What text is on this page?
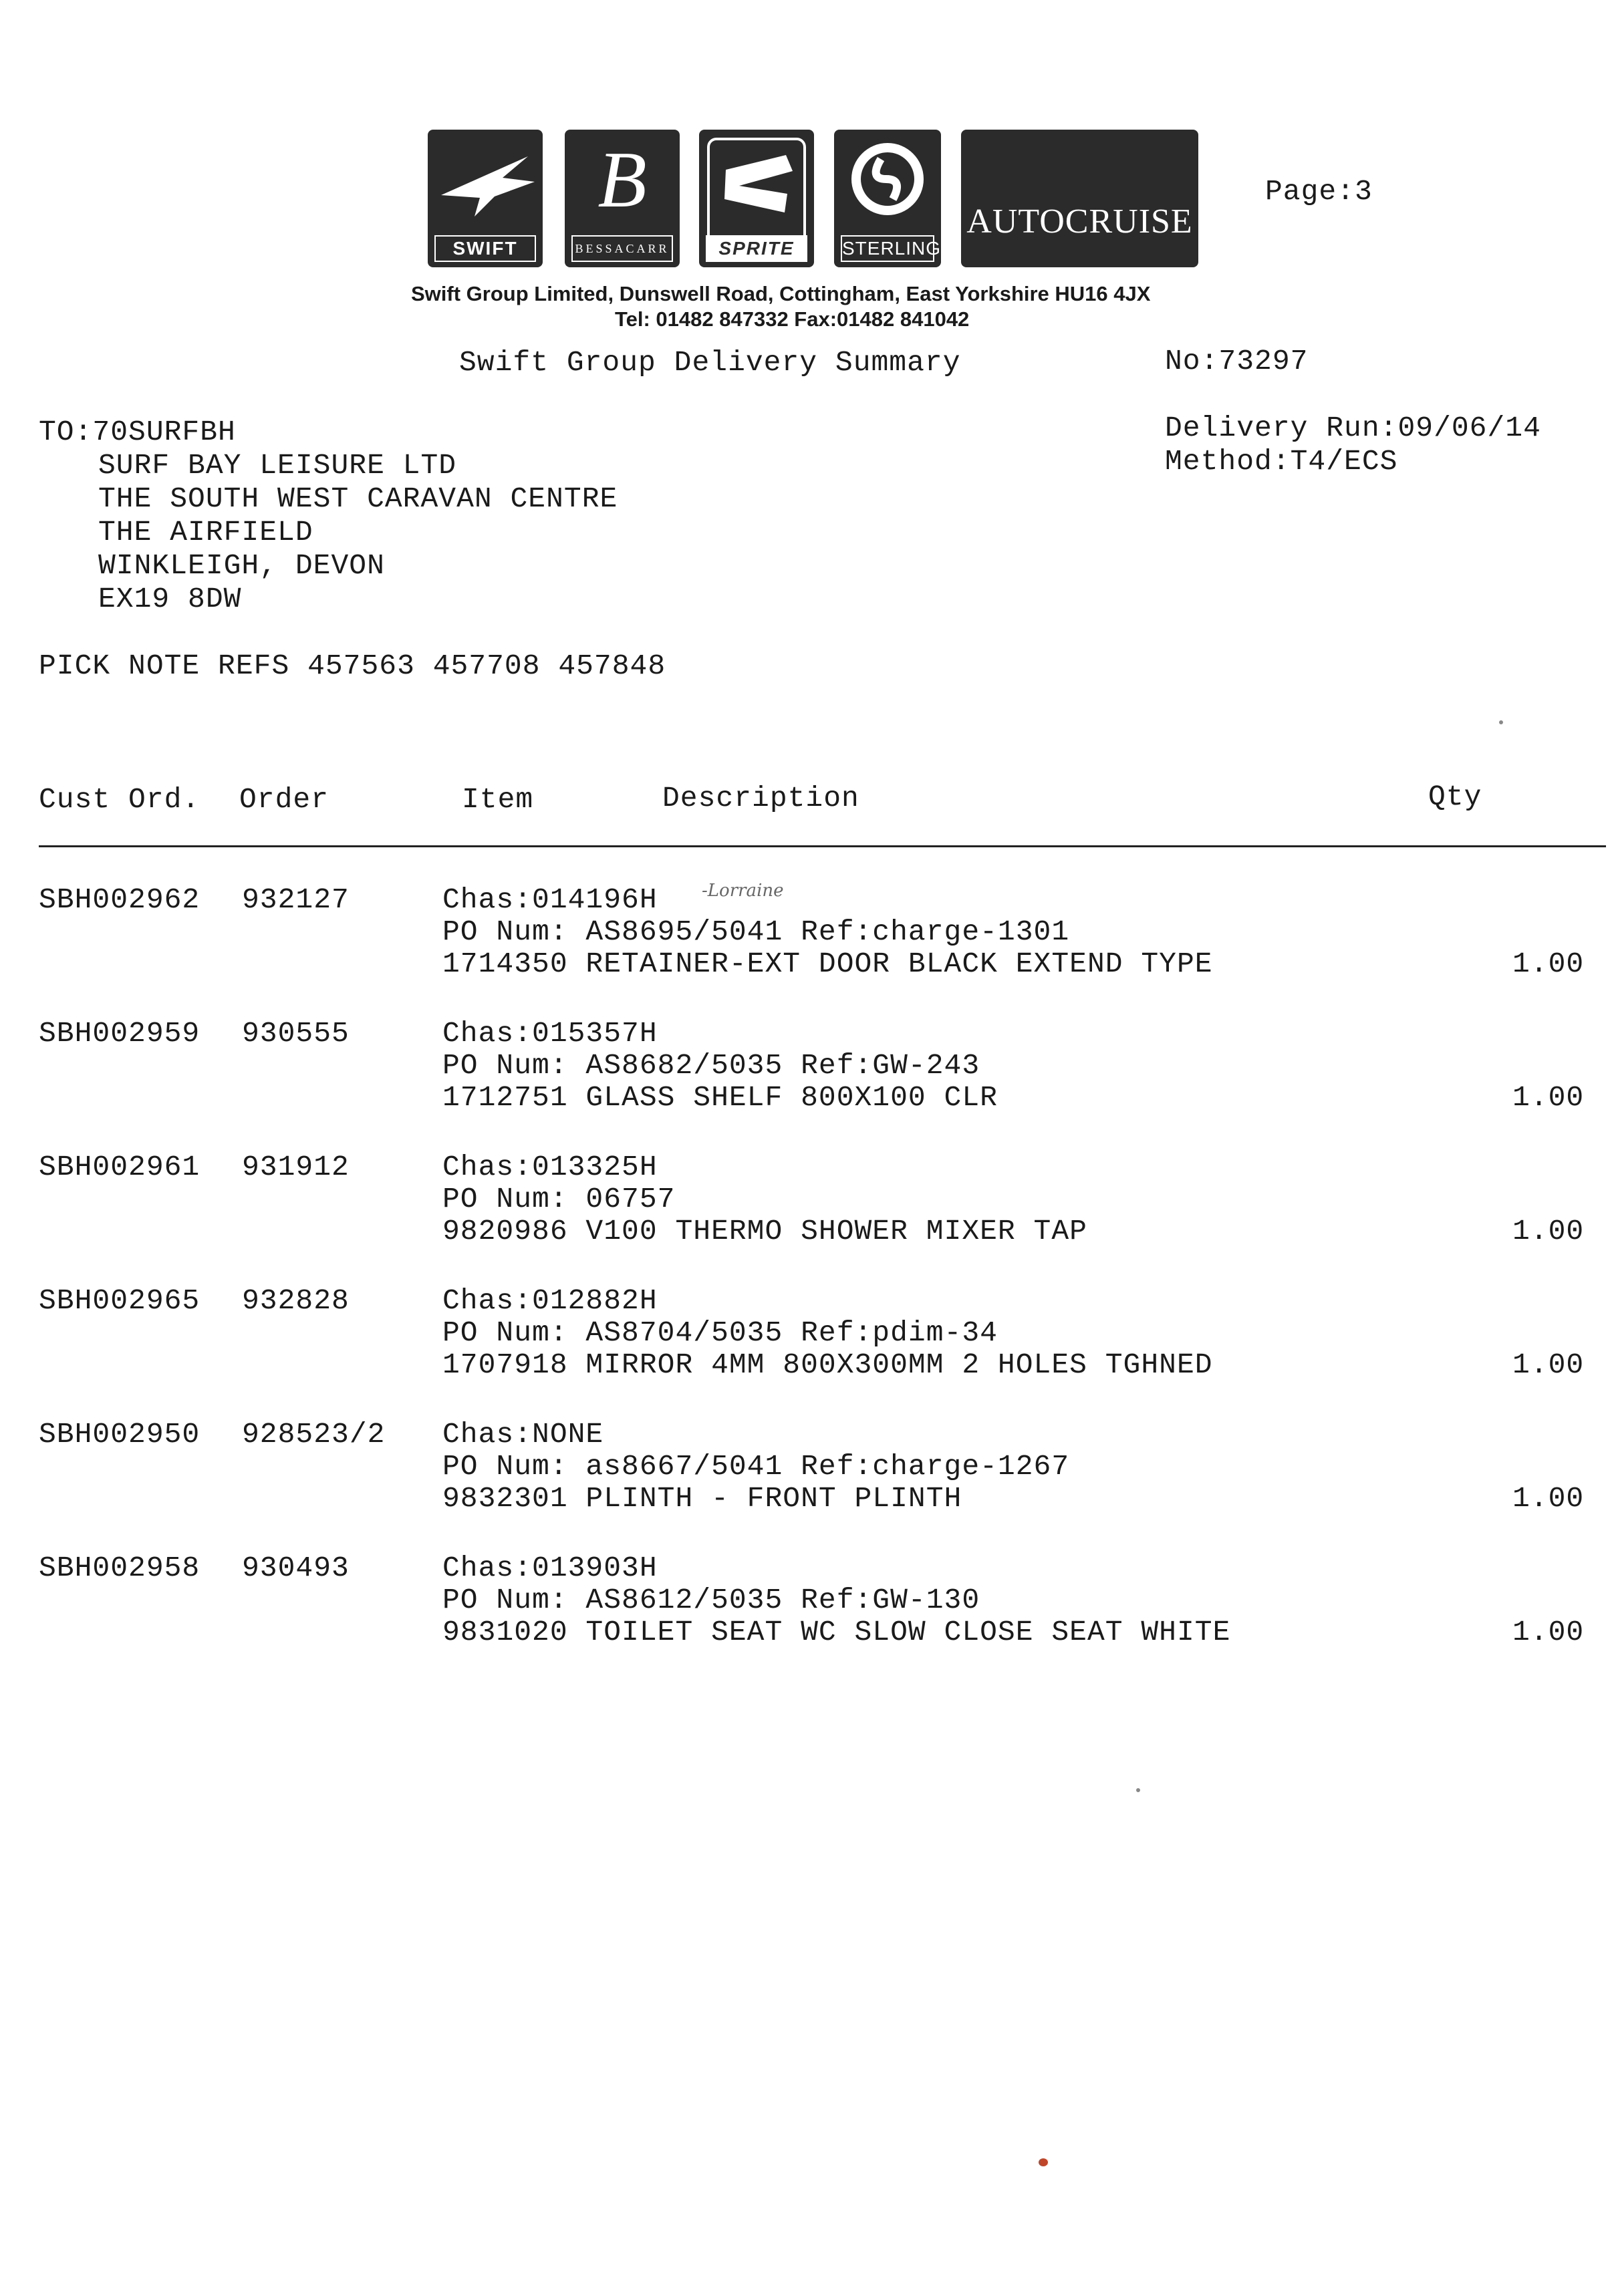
SWIFT
B
BESSACARR	SPRITE	STERLING
AUTOCRUISE
Page:3
Swift Group Limited, Dunswell Road, Cottingham, East Yorkshire HU16 4JX
Tel: 01482 847332 Fax:01482 841042
Swift Group Delivery Summary	No:73297
TO:70SURFBH
SURF BAY LEISURE LTD
THE SOUTH WEST CARAVAN CENTRE
THE AIRFIELD
WINKLEIGH, DEVON
EX19 8DW
Delivery Run:09/06/14
Method:T4/ECS
PICK NOTE REFS 457563 457708 457848
Cust Ord. Order	Item	Description	Qty
SBH002962 932127	Chas:014196H	-Lorraine
PO Num: AS8695/5041 Ref:charge-1301
1714350 RETAINER-EXT DOOR BLACK EXTEND TYPE	1.00
SBH002959 930555	Chas:015357H
PO Num: AS8682/5035 Ref:GW-243
1712751 GLASS SHELF 800X100 CLR	1.00
SBH002961 931912	Chas:013325H
PO Num: 06757
9820986 V100 THERMO SHOWER MIXER TAP	1.00
SBH002965 932828	Chas:012882H
PO Num: AS8704/5035 Ref:pdim-34
1707918 MIRROR 4MM 800X300MM 2 HOLES TGHNED	1.00
SBH002950 928523/2 Chas:NONE
PO Num: as8667/5041 Ref:charge-1267
9832301 PLINTH - FRONT PLINTH	1.00
SBH002958 930493	Chas:013903H
PO Num: AS8612/5035 Ref:GW-130
9831020 TOILET SEAT WC SLOW CLOSE SEAT WHITE	1.00
